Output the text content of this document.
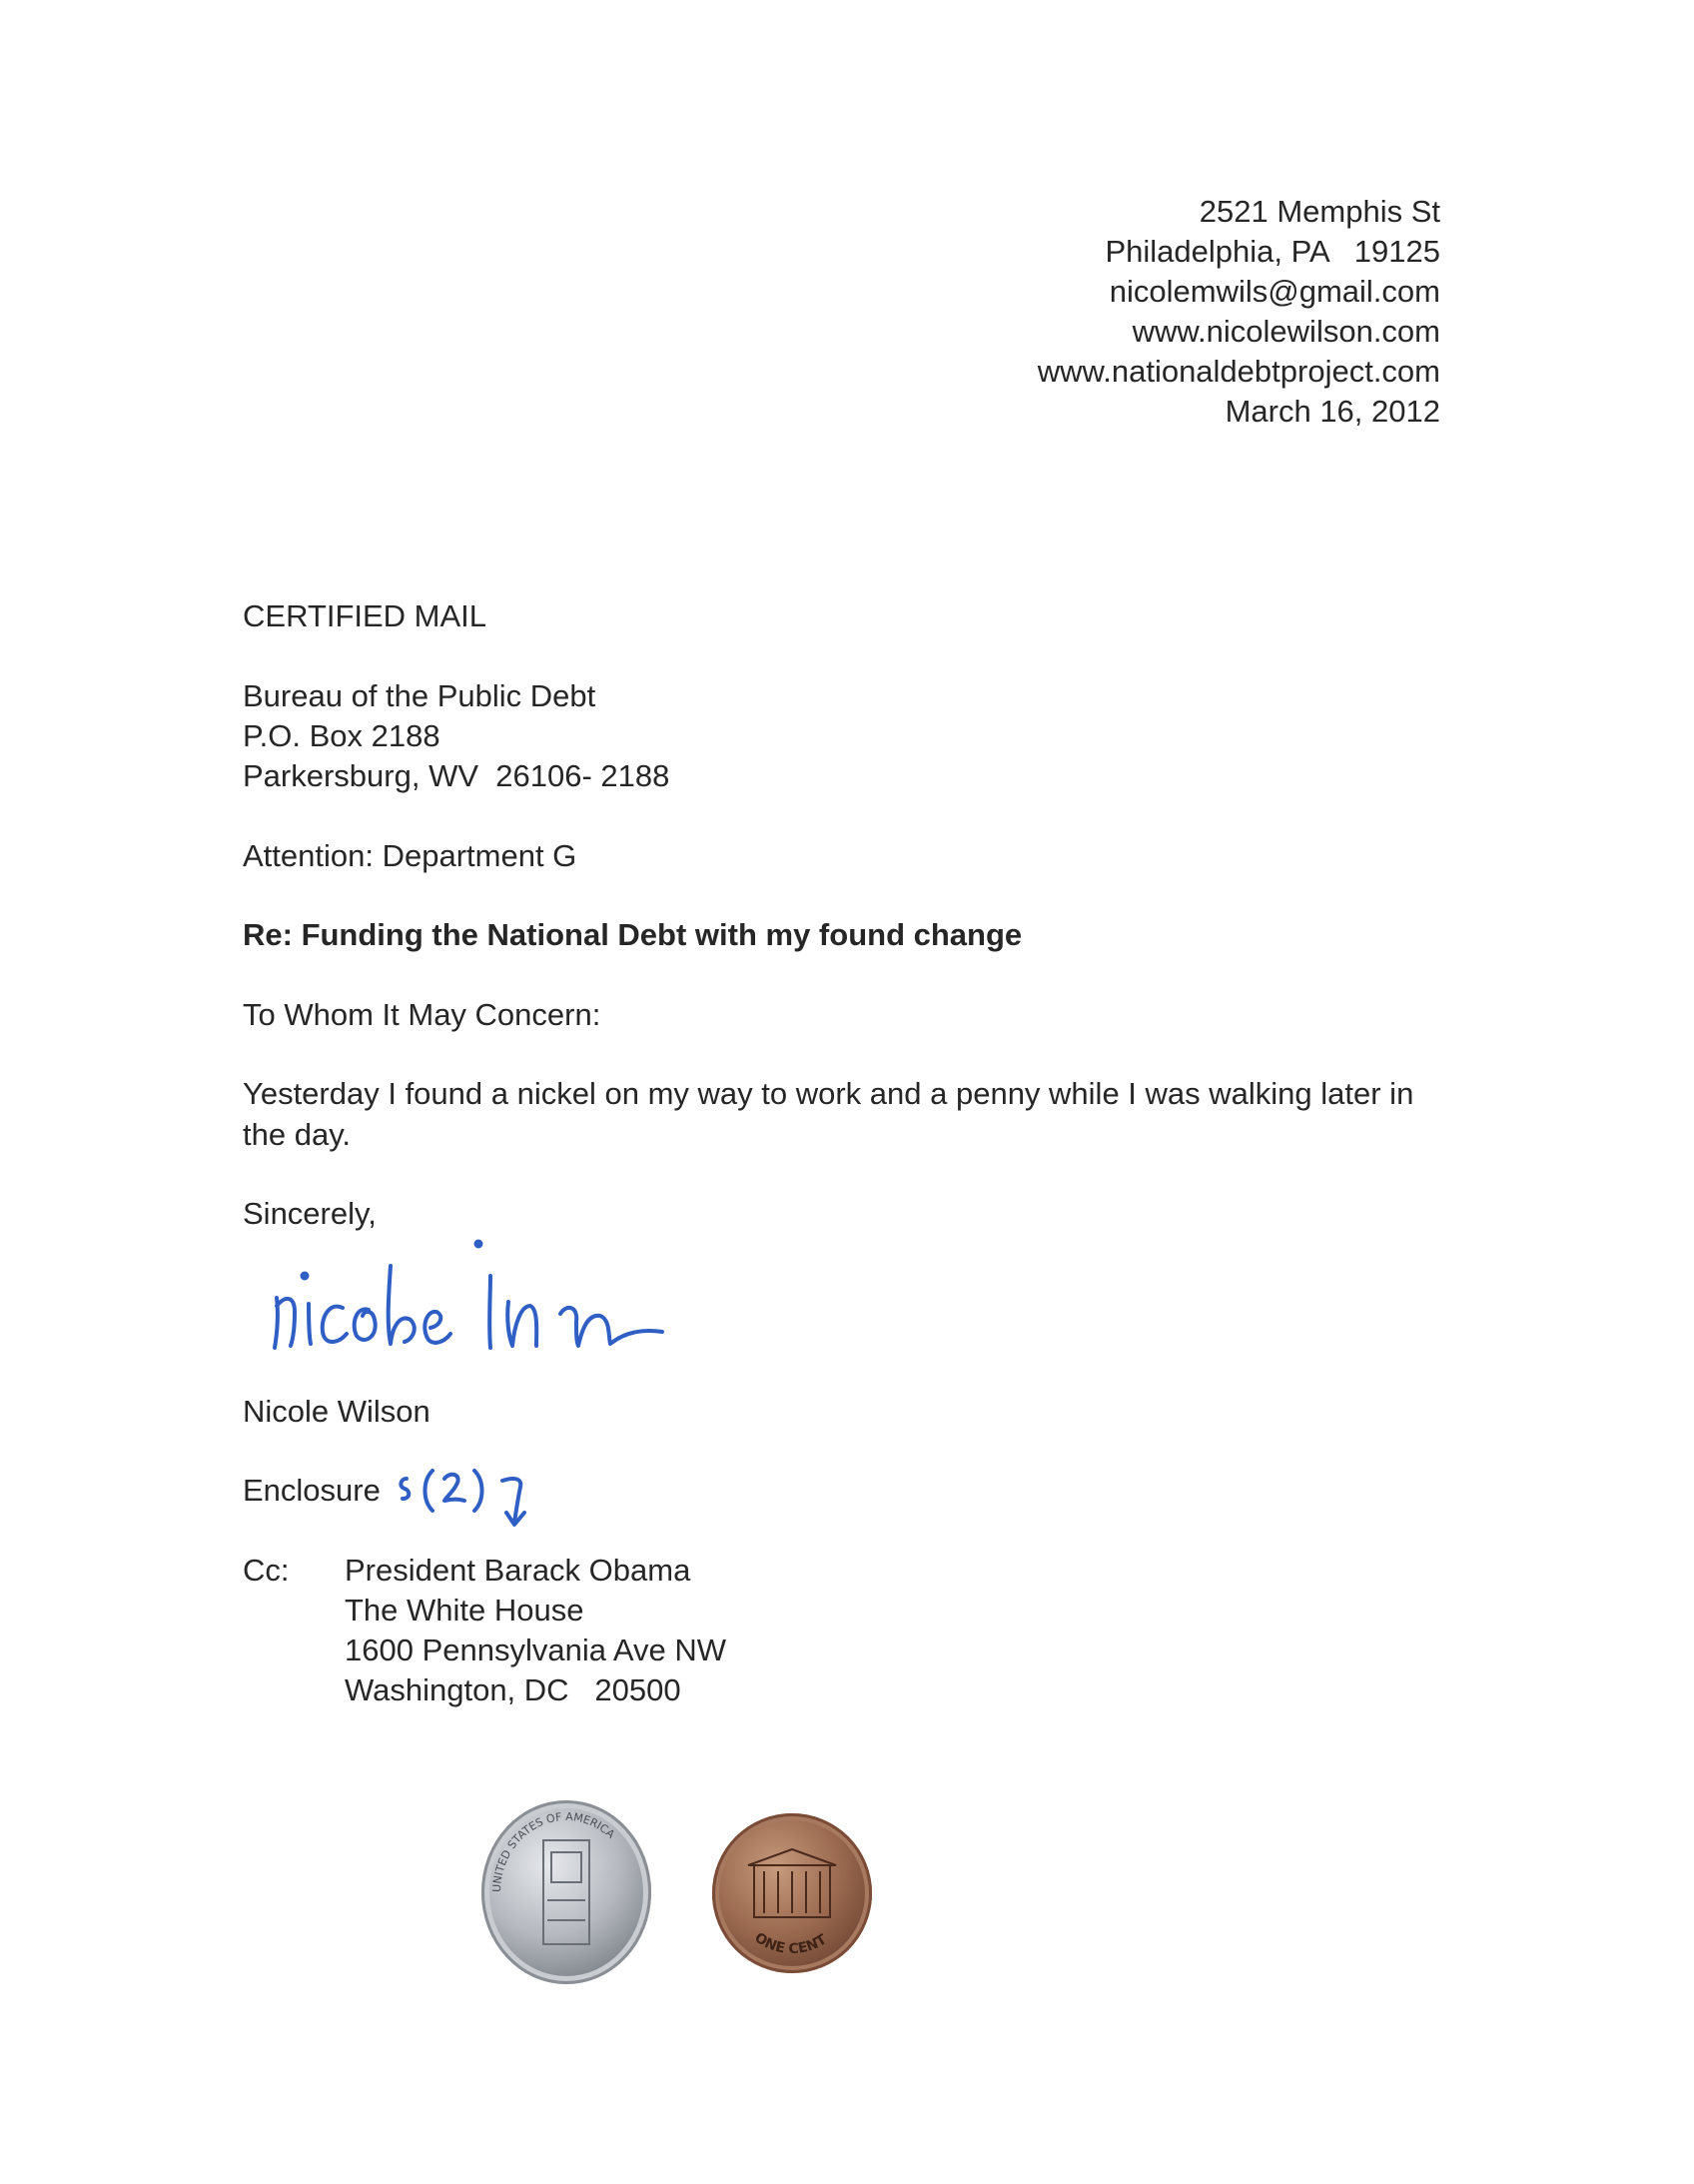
2521 Memphis St
Philadelphia, PA   19125
nicolemwils@gmail.com
www.nicolewilson.com
www.nationaldebtproject.com
March 16, 2012
CERTIFIED MAIL
Bureau of the Public Debt
P.O. Box 2188
Parkersburg, WV  26106- 2188
Attention: Department G
Re: Funding the National Debt with my found change
To Whom It May Concern:
Yesterday I found a nickel on my way to work and a penny while I was walking later in the day.
Sincerely,
Nicole Wilson
Enclosure
Cc: President Barack Obama
The White House
1600 Pennsylvania Ave NW
Washington, DC   20500
UNITED STATES OF AMERICA
ONE CENT
